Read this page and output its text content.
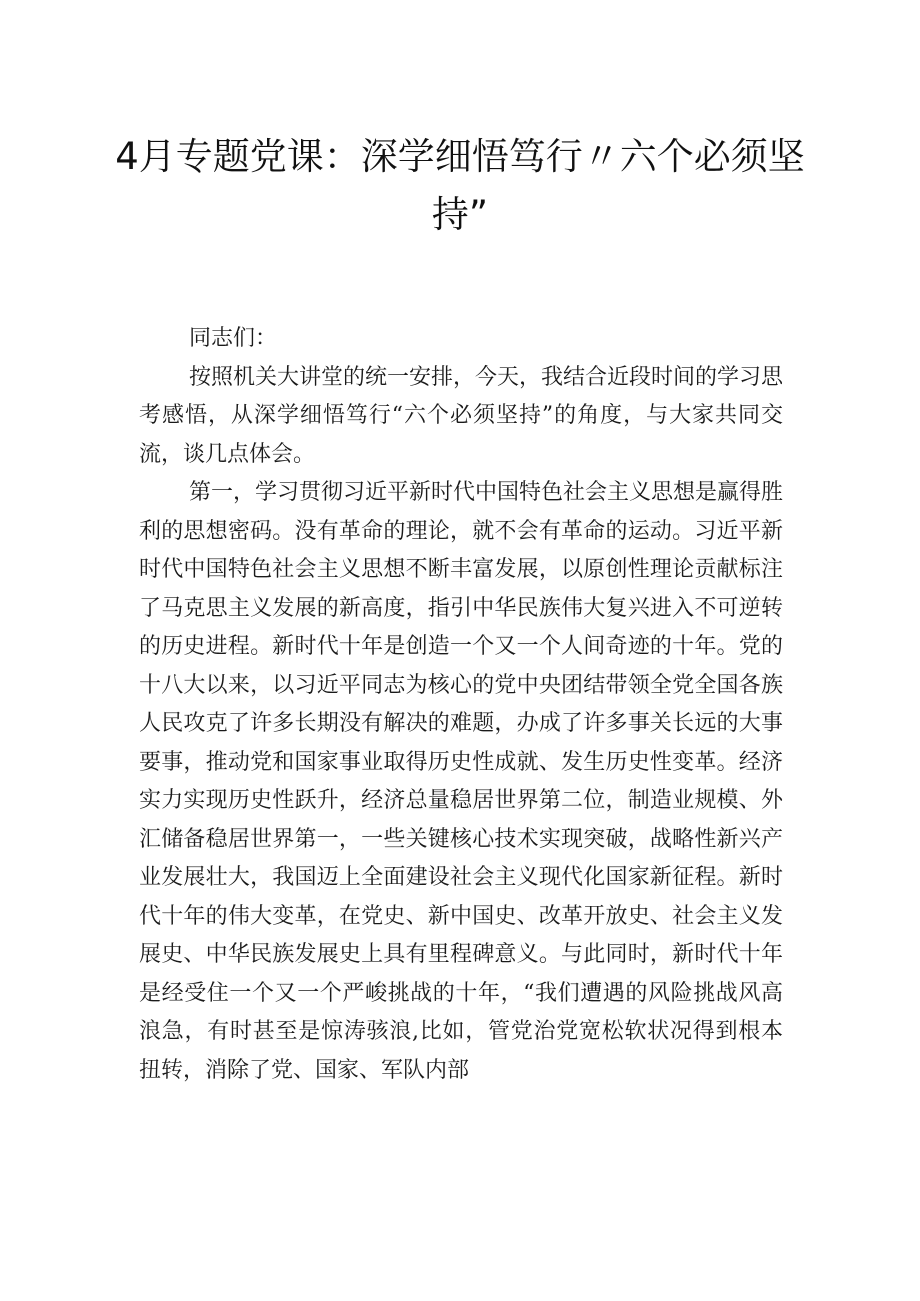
4月专题党课：深学细悟笃行〃六个必须坚持”

同志们：

按照机关大讲堂的统一安排，今天，我结合近段时间的学习思考感悟，从深学细悟笃行“六个必须坚持”的角度，与大家共同交流，谈几点体会。

第一，学习贯彻习近平新时代中国特色社会主义思想是赢得胜利的思想密码。没有革命的理论，就不会有革命的运动。习近平新时代中国特色社会主义思想不断丰富发展，以原创性理论贡献标注了马克思主义发展的新高度，指引中华民族伟大复兴进入不可逆转的历史进程。新时代十年是创造一个又一个人间奇迹的十年。党的十八大以来，以习近平同志为核心的党中央团结带领全党全国各族人民攻克了许多长期没有解决的难题，办成了许多事关长远的大事要事，推动党和国家事业取得历史性成就、发生历史性变革。经济实力实现历史性跃升，经济总量稳居世界第二位，制造业规模、外汇储备稳居世界第一，一些关键核心技术实现突破，战略性新兴产业发展壮大，我国迈上全面建设社会主义现代化国家新征程。新时代十年的伟大变革，在党史、新中国史、改革开放史、社会主义发展史、中华民族发展史上具有里程碑意义。与此同时，新时代十年是经受住一个又一个严峻挑战的十年，“我们遭遇的风险挑战风高浪急，有时甚至是惊涛骇浪,比如，管党治党宽松软状况得到根本扭转，消除了党、国家、军队内部
